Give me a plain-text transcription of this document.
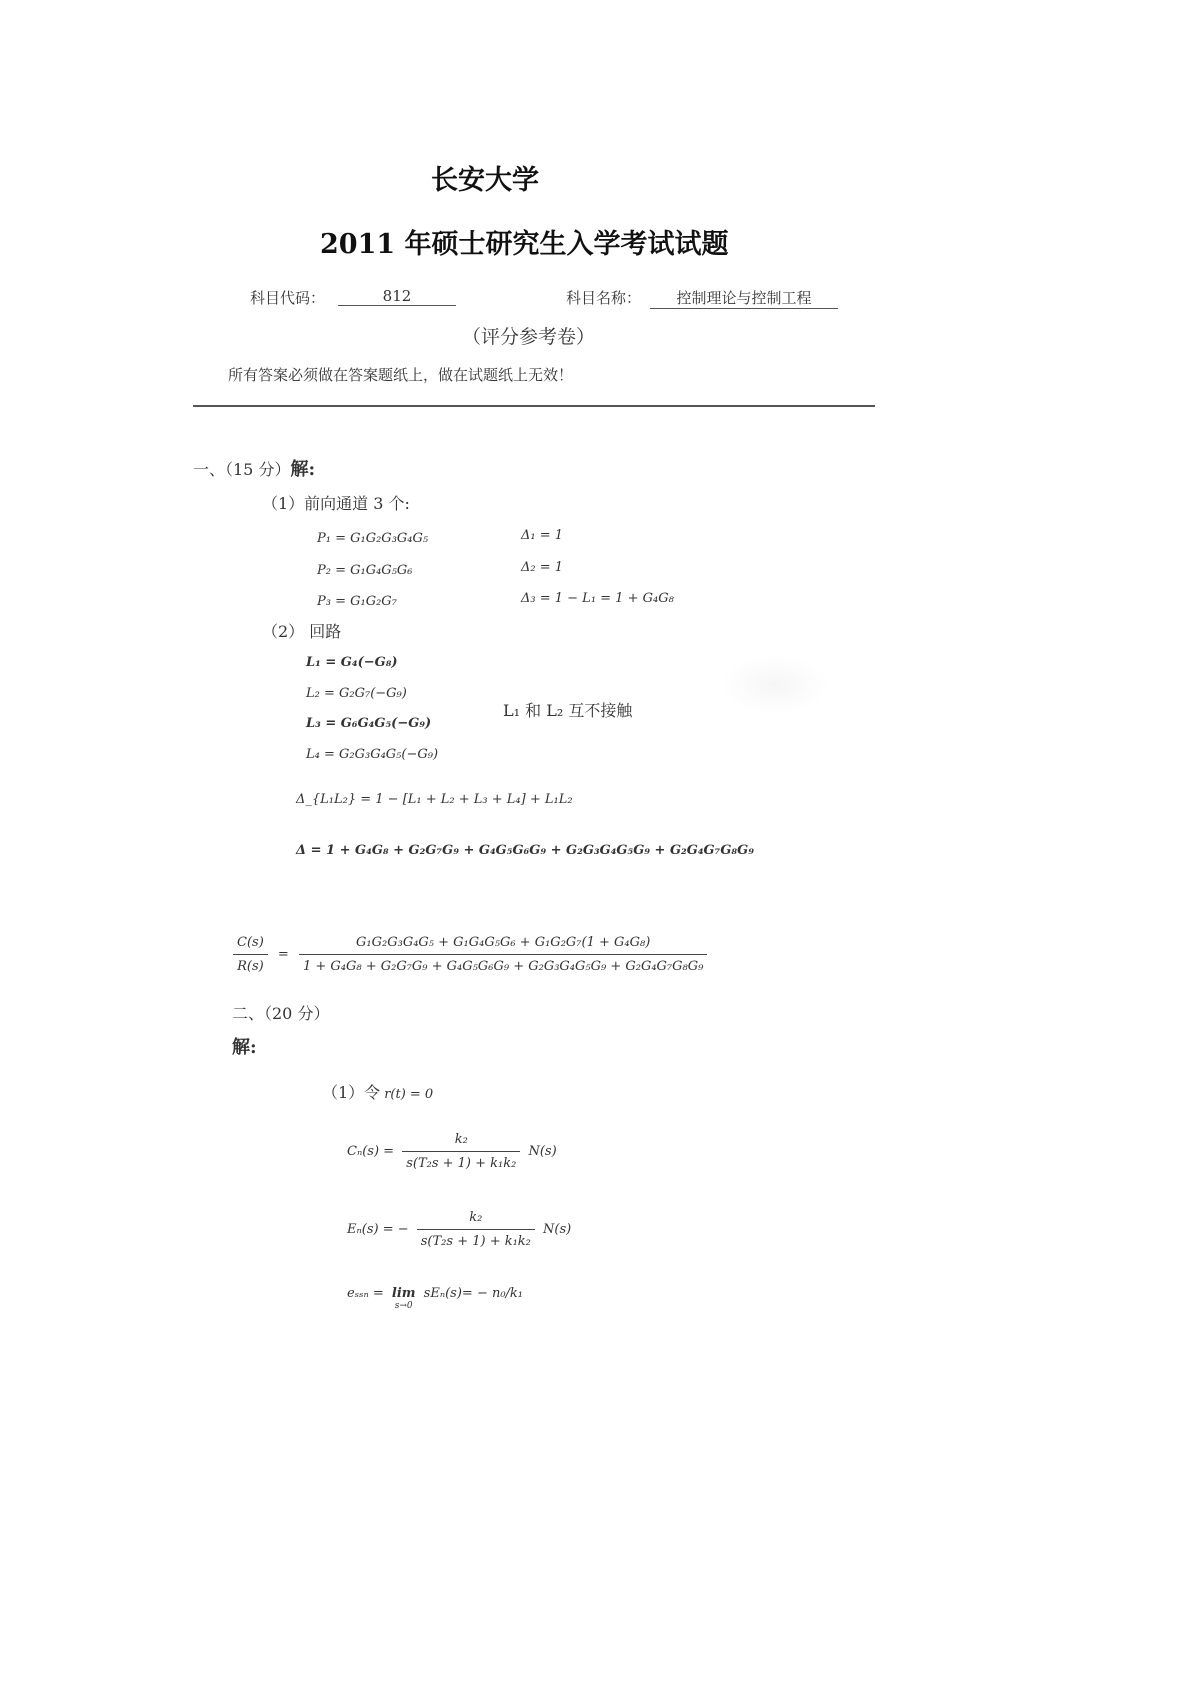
长安大学
2011 年硕士研究生入学考试试题
科目代码：	812	科目名称：	控制理论与控制工程
（评分参考卷）
所有答案必须做在答案题纸上，做在试题纸上无效！
一、（15 分）解:
（1）前向通道 3 个:
P₁ = G₁G₂G₃G₄G₅	Δ₁ = 1
P₂ = G₁G₄G₅G₆	Δ₂ = 1
P₃ = G₁G₂G₇	Δ₃ = 1 − L₁ = 1 + G₄G₈
（2） 回路
L₁ = G₄(−G₈)
L₂ = G₂G₇(−G₉)
L₃ = G₆G₄G₅(−G₉)
L₄ = G₂G₃G₄G₅(−G₉)
L₁ 和 L₂ 互不接触
Δ_{L₁L₂} = 1 − [L₁ + L₂ + L₃ + L₄] + L₁L₂
Δ = 1 + G₄G₈ + G₂G₇G₉ + G₄G₅G₆G₉ + G₂G₃G₄G₅G₉ + G₂G₄G₇G₈G₉
$\frac{C(s)}{R(s)} = \frac{\text{G₁G₂G₃G₄G₅ + G₁G₄G₅G₆ + G₁G₂G₇(1 + G₄G₈)}}{\text{1 + G₄G₈ + G₂G₇G₉ + G₄G₅G₆G₉ + G₂G₃G₄G₅G₉ + G₂G₄G₇G₈G₉}}$
二、（20 分）
解:
（1）令 r(t) = 0
$C_n(s) = \frac{\text{k₂}}{\text{s(T₂s + 1) + k₁k₂}} N(s)$
Eₙ(s) = − $\frac{\text{k₂}}{\text{s(T₂s + 1) + k₁k₂}} N(s)$
eₛₛₙ = lim
s→0
sEₙ(s)= − n₀/k₁
